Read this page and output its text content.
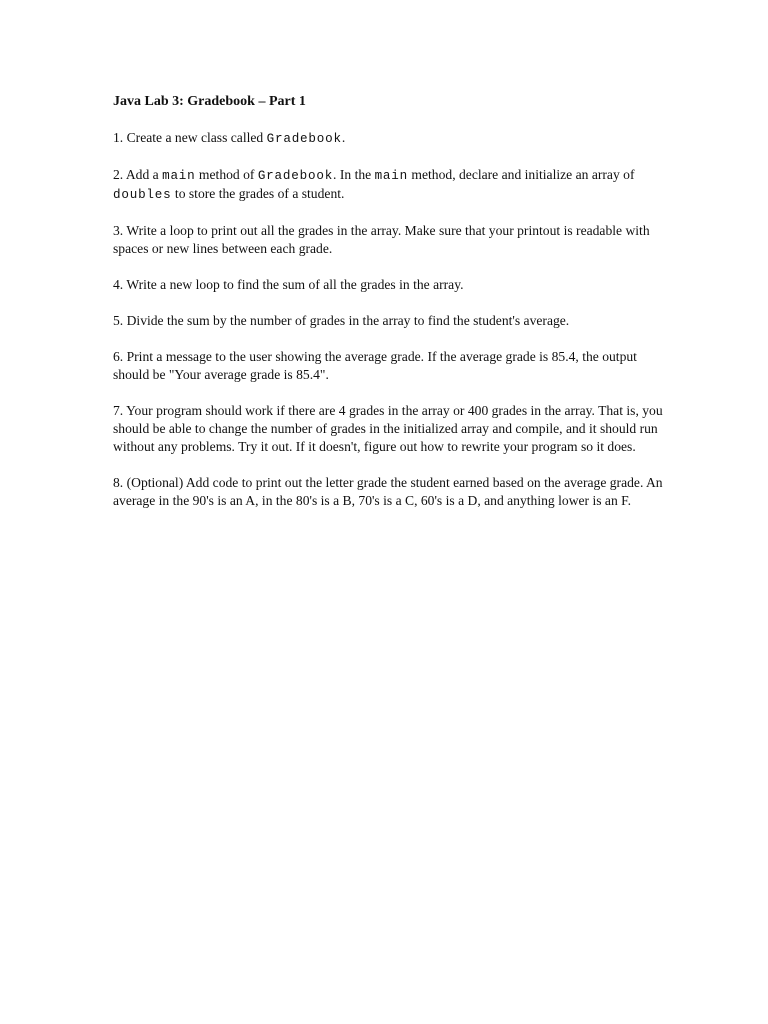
Java Lab 3: Gradebook – Part 1
1. Create a new class called Gradebook.
2. Add a main method of Gradebook. In the main method, declare and initialize an array of doubles to store the grades of a student.
3. Write a loop to print out all the grades in the array. Make sure that your printout is readable with spaces or new lines between each grade.
4. Write a new loop to find the sum of all the grades in the array.
5. Divide the sum by the number of grades in the array to find the student's average.
6. Print a message to the user showing the average grade. If the average grade is 85.4, the output should be "Your average grade is 85.4".
7. Your program should work if there are 4 grades in the array or 400 grades in the array. That is, you should be able to change the number of grades in the initialized array and compile, and it should run without any problems. Try it out. If it doesn't, figure out how to rewrite your program so it does.
8. (Optional) Add code to print out the letter grade the student earned based on the average grade. An average in the 90's is an A, in the 80's is a B, 70's is a C, 60's is a D, and anything lower is an F.
